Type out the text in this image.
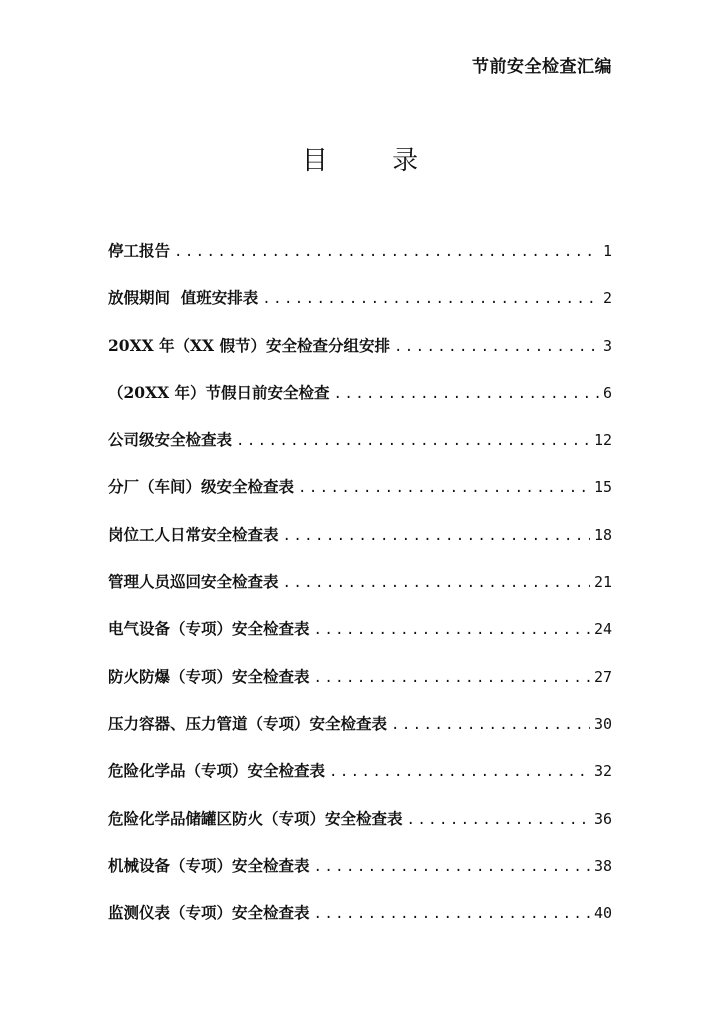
节前安全检查汇编
目 录
停工报告 .....	1
放假期间  值班安排表 .....	2
20XX 年（XX 假节）安全检查分组安排 .....	3
（20XX 年）节假日前安全检查 .....	6
公司级安全检查表 .....	12
分厂（车间）级安全检查表 .....	15
岗位工人日常安全检查表 .....	18
管理人员巡回安全检查表 .....	21
电气设备（专项）安全检查表 .....	24
防火防爆（专项）安全检查表 .....	27
压力容器、压力管道（专项）安全检查表 .....	30
危险化学品（专项）安全检查表 .....	32
危险化学品储罐区防火（专项）安全检查表 .....	36
机械设备（专项）安全检查表 .....	38
监测仪表（专项）安全检查表 .....	40
